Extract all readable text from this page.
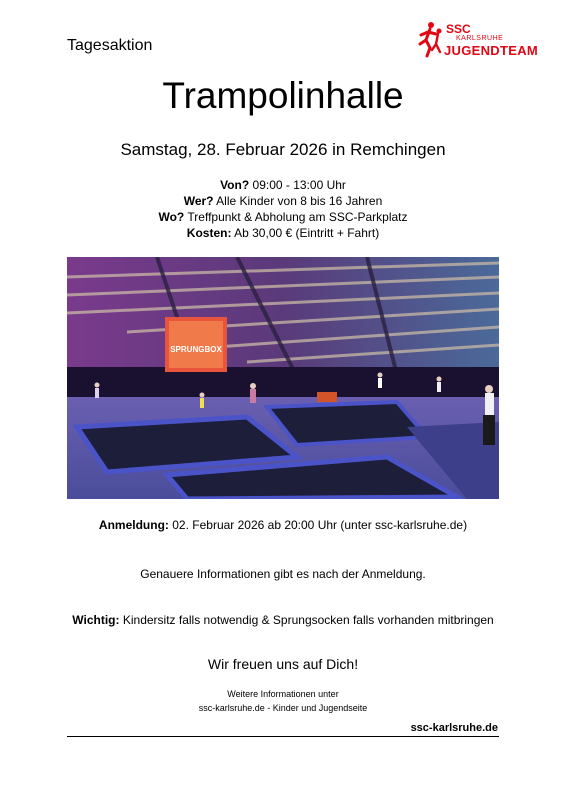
Tagesaktion
SSC
KARLSRUHE
JUGENDTEAM
Trampolinhalle
Samstag, 28. Februar 2026 in Remchingen
Von? 09:00 - 13:00 Uhr
Wer? Alle Kinder von 8 bis 16 Jahren
Wo? Treffpunkt & Abholung am SSC-Parkplatz
Kosten: Ab 30,00 € (Eintritt + Fahrt)
SPRUNGBOX
Anmeldung: 02. Februar 2026 ab 20:00 Uhr (unter ssc-karlsruhe.de)
Genauere Informationen gibt es nach der Anmeldung.
Wichtig: Kindersitz falls notwendig & Sprungsocken falls vorhanden mitbringen
Wir freuen uns auf Dich!
Weitere Informationen unter
ssc-karlsruhe.de - Kinder und Jugendseite
ssc-karlsruhe.de
